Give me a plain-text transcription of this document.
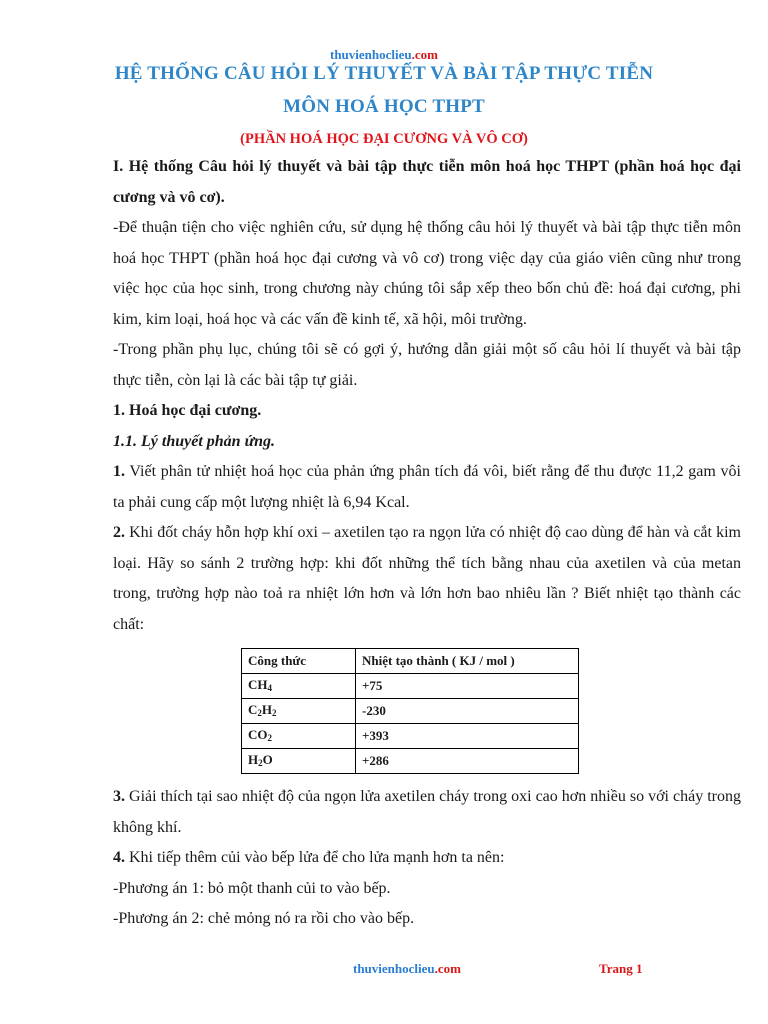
thuvienhoclieu.com
HỆ THỐNG CÂU HỎI LÝ THUYẾT VÀ BÀI TẬP THỰC TIỄN
MÔN HOÁ HỌC THPT
(PHẦN HOÁ HỌC ĐẠI CƯƠNG VÀ VÔ CƠ)

I. Hệ thống Câu hỏi lý thuyết và bài tập thực tiễn môn hoá học THPT (phần hoá học đại cương và vô cơ).

-Để thuận tiện cho việc nghiên cứu, sử dụng hệ thống câu hỏi lý thuyết và bài tập thực tiễn môn hoá học THPT (phần hoá học đại cương và vô cơ) trong việc dạy của giáo viên cũng như trong việc học của học sinh, trong chương này chúng tôi sắp xếp theo bốn chủ đề: hoá đại cương, phi kim, kim loại, hoá học và các vấn đề kinh tế, xã hội, môi trường.

-Trong phần phụ lục, chúng tôi sẽ có gợi ý, hướng dẫn giải một số câu hỏi lí thuyết và bài tập thực tiễn, còn lại là các bài tập tự giải.

1. Hoá học đại cương.

1.1. Lý thuyết phản ứng.

1. Viết phân tử nhiệt hoá học của phản ứng phân tích đá vôi, biết rằng để thu được 11,2 gam vôi ta phải cung cấp một lượng nhiệt là 6,94 Kcal.

2. Khi đốt cháy hỗn hợp khí oxi – axetilen tạo ra ngọn lửa có nhiệt độ cao dùng để hàn và cắt kim loại. Hãy so sánh 2 trường hợp: khi đốt những thể tích bằng nhau của axetilen và của metan trong, trường hợp nào toả ra nhiệt lớn hơn và lớn hơn bao nhiêu lần ? Biết nhiệt tạo thành các chất:

Công thức	Nhiệt tạo thành ( KJ / mol )
$CH_4$	+75
$C_2H_2$	-230
$CO_2$	+393
$H_2O$	+286

3. Giải thích tại sao nhiệt độ của ngọn lửa axetilen cháy trong oxi cao hơn nhiều so với cháy trong không khí.

4. Khi tiếp thêm củi vào bếp lửa để cho lửa mạnh hơn ta nên:

-Phương án 1: bỏ một thanh củi to vào bếp.

-Phương án 2: chẻ mỏng nó ra rồi cho vào bếp.

thuvienhoclieu.com	Trang 1
